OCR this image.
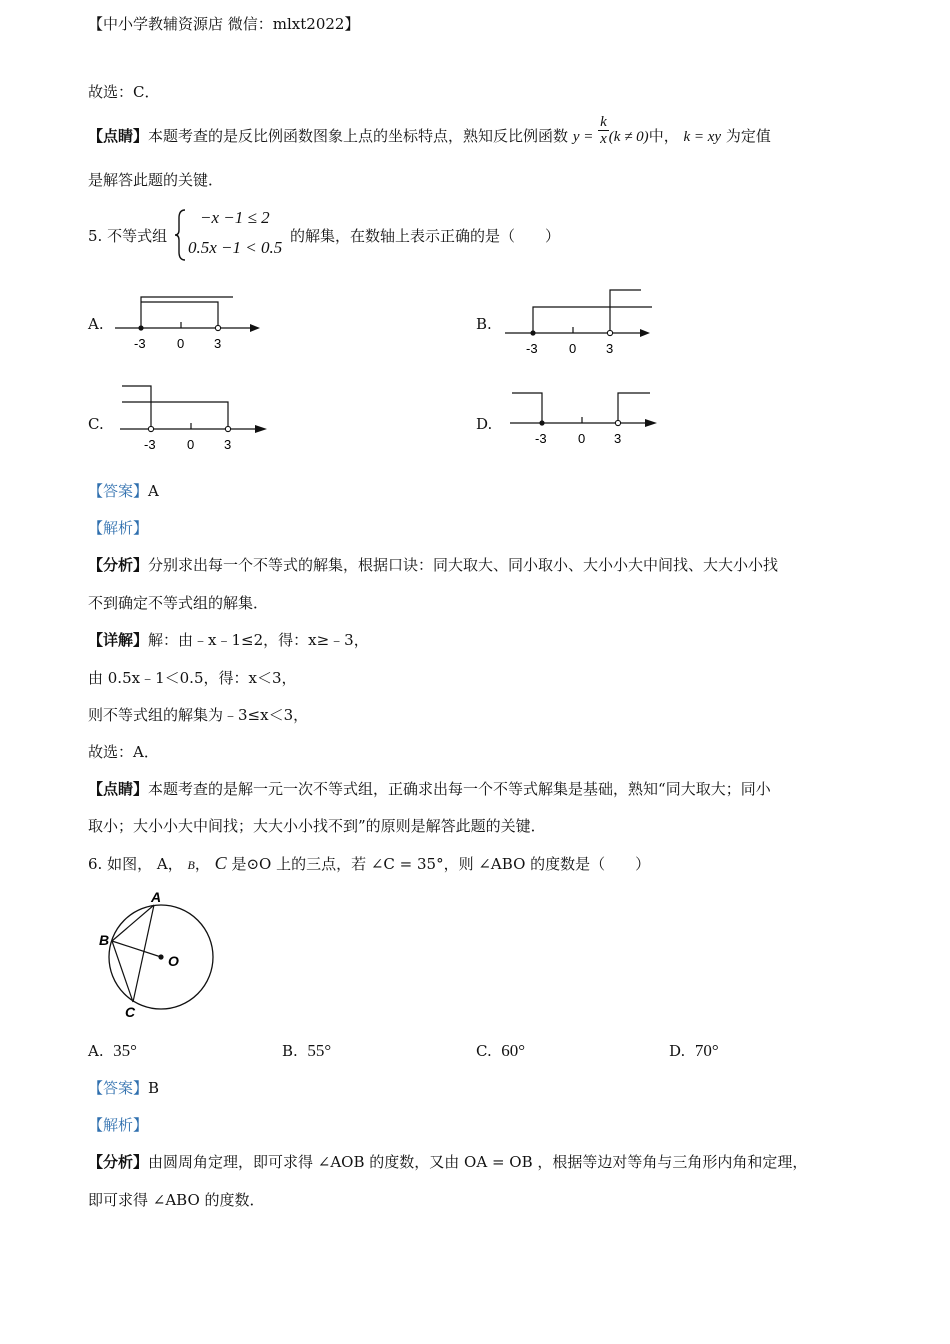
【中小学教辅资源店 微信：mlxt2022】
故选：C．
【点睛】本题考查的是反比例函数图象上点的坐标特点，熟知反比例函数 $y = \frac{k}{x} (k \ne 0)$中， k = xy 为定值
是解答此题的关键．
5. 不等式组
−x −1 ≤ 2
0.5x −1 < 0.5
的解集，在数轴上表示正确的是（　　）
A.
-3 0 3
B.
-3 0 3
C.
-3 0 3
D.
-3 0 3
【答案】A
【解析】
【分析】分别求出每一个不等式的解集，根据口诀：同大取大、同小取小、大小小大中间找、大大小小找
不到确定不等式组的解集．
【详解】解：由﹣x﹣1≤2，得：x≥﹣3，
由 0.5x﹣1＜0.5，得：x＜3，
则不等式组的解集为﹣3≤x＜3，
故选：A．
【点睛】本题考查的是解一元一次不等式组，正确求出每一个不等式解集是基础，熟知“同大取大；同小
取小；大小小大中间找；大大小小找不到”的原则是解答此题的关键．
6. 如图， A， B， C 是⊙O 上的三点，若 ∠C = 35°，则 ∠ABO 的度数是（　　）
A
B
C
O
A. 35°	B. 55°	C. 60°	D. 70°
【答案】B
【解析】
【分析】由圆周角定理，即可求得 ∠AOB 的度数，又由 OA = OB ，根据等边对等角与三角形内角和定理，
即可求得 ∠ABO 的度数．
